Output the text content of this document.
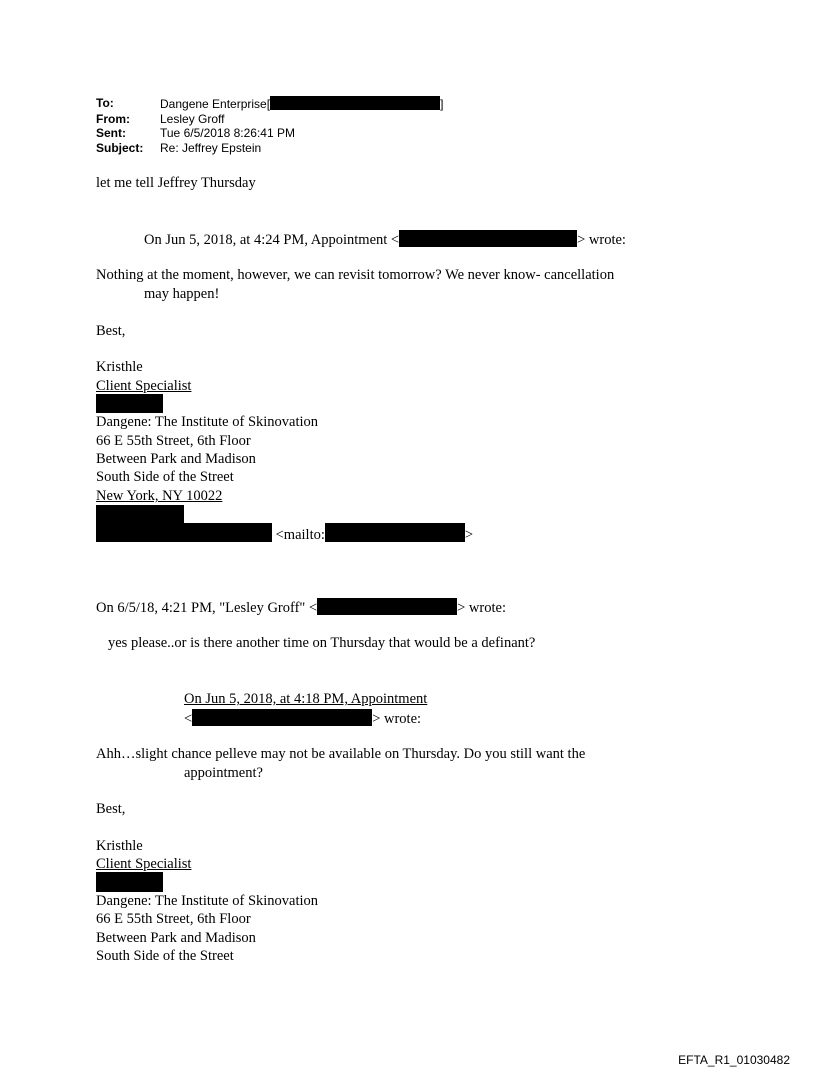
To:	Dangene Enterprise[	]
From:	Lesley Groff
Sent:	Tue 6/5/2018 8:26:41 PM
Subject:	Re: Jeffrey Epstein
let me tell Jeffrey Thursday
On Jun 5, 2018, at 4:24 PM, Appointment <	> wrote:
Nothing at the moment, however, we can revisit tomorrow? We never know- cancellation
may happen!
Best,
Kristhle
Client Specialist
Dangene: The Institute of Skinovation
66 E 55th Street, 6th Floor
Between Park and Madison
South Side of the Street
New York, NY 10022
<mailto:	>
On 6/5/18, 4:21 PM, "Lesley Groff" <	> wrote:
yes please..or is there another time on Thursday that would be a definant?
On Jun 5, 2018, at 4:18 PM, Appointment
<	> wrote:
Ahh…slight chance pelleve may not be available on Thursday. Do you still want the
appointment?
Best,
Kristhle
Client Specialist
Dangene: The Institute of Skinovation
66 E 55th Street, 6th Floor
Between Park and Madison
South Side of the Street
EFTA_R1_01030482
